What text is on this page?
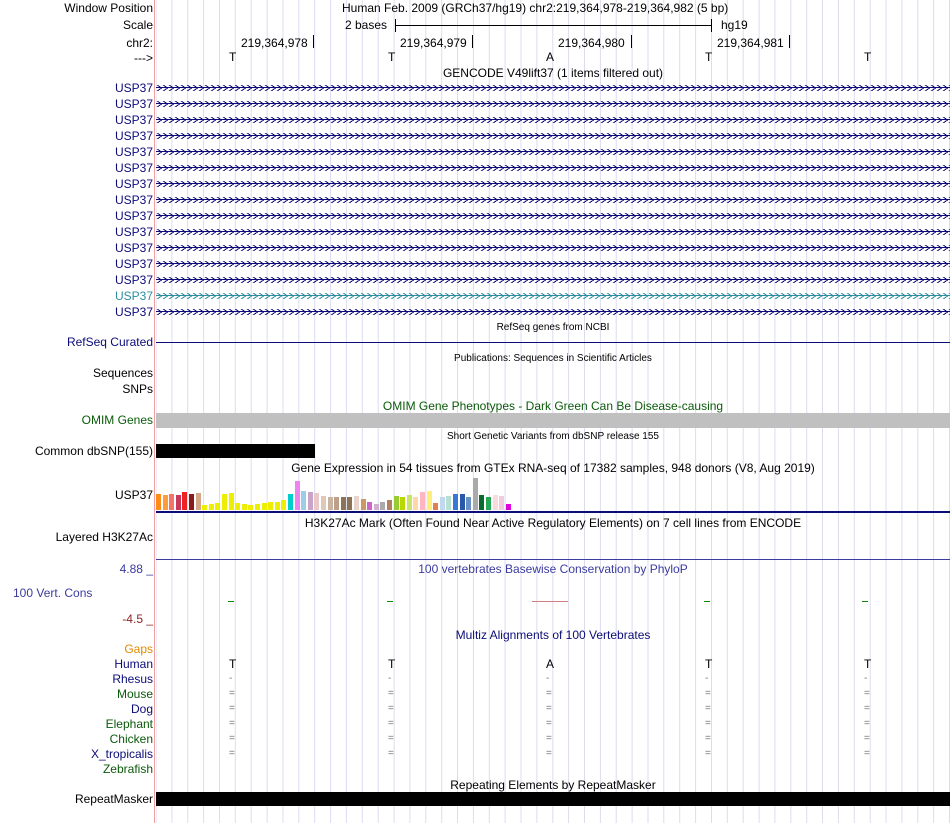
Window Position
Scale
chr2:
--->
Human Feb. 2009 (GRCh37/hg19) chr2:219,364,978-219,364,982 (5 bp)
2 bases	hg19
219,364,978	219,364,979	219,364,980	219,364,981
T	T	A	T	T
GENCODE V49lift37 (1 items filtered out)
USP37
USP37
USP37
USP37
USP37
USP37
USP37
USP37
USP37
USP37
USP37
USP37
USP37
USP37
USP37
RefSeq genes from NCBI
RefSeq Curated
Publications: Sequences in Scientific Articles
Sequences
SNPs
OMIM Gene Phenotypes - Dark Green Can Be Disease-causing
OMIM Genes
Short Genetic Variants from dbSNP release 155
Common dbSNP(155)
Gene Expression in 54 tissues from GTEx RNA-seq of 17382 samples, 948 donors (V8, Aug 2019)
USP37
H3K27Ac Mark (Often Found Near Active Regulatory Elements) on 7 cell lines from ENCODE
Layered H3K27Ac
100 vertebrates Basewise Conservation by PhyloP
4.88 _
100 Vert. Cons
-4.5 _
Multiz Alignments of 100 Vertebrates
Gaps
Human	T	T	A	T	T
Rhesus	-	-	-	-	-
Mouse	=	=	=	=	=
Dog	=	=	=	=	=
Elephant	=	=	=	=	=
Chicken	=	=	=	=	=
X_tropicalis	=	=	=	=	=
Zebrafish
Repeating Elements by RepeatMasker
RepeatMasker
